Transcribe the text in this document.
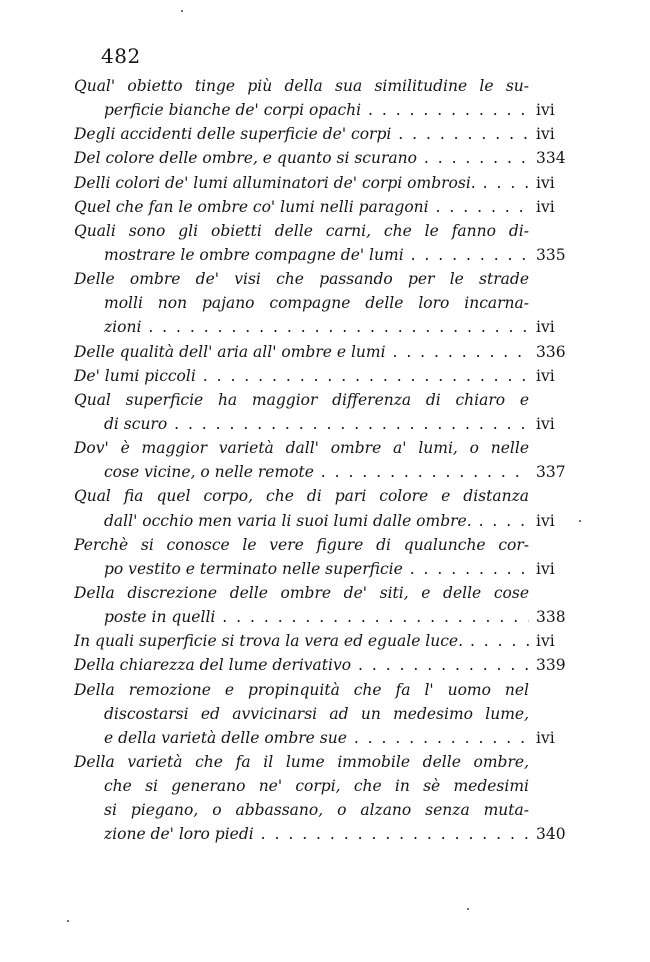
482
Qual' obietto tinge più della sua similitudine le su-
perficie bianche de' corpi opachi . . .	ivi
Degli accidenti delle superficie de' corpi . . .	ivi
Del colore delle ombre, e quanto si scurano . . .	334
Delli colori de' lumi alluminatori de' corpi ombrosi. . . .	ivi
Quel che fan le ombre co' lumi nelli paragoni . . .	ivi
Quali sono gli obietti delle carni, che le fanno di-
mostrare le ombre compagne de' lumi . . .	335
Delle ombre de' visi che passando per le strade
molli non pajano compagne delle loro incarna-
zioni . . .	ivi
Delle qualità dell' aria all' ombre e lumi . . .	336
De' lumi piccoli . . .	ivi
Qual superficie ha maggior differenza di chiaro e
di scuro . . .	ivi
Dov' è maggior varietà dall' ombre a' lumi, o nelle
cose vicine, o nelle remote . . .	337
Qual fia quel corpo, che di pari colore e distanza
dall' occhio men varia li suoi lumi dalle ombre. . . .	ivi
Perchè si conosce le vere figure di qualunche cor-
po vestito e terminato nelle superficie . . .	ivi
Della discrezione delle ombre de' siti, e delle cose
poste in quelli . . .	338
In quali superficie si trova la vera ed eguale luce. . . .	ivi
Della chiarezza del lume derivativo . . .	339
Della remozione e propinquità che fa l' uomo nel
discostarsi ed avvicinarsi ad un medesimo lume,
e della varietà delle ombre sue . . .	ivi
Della varietà che fa il lume immobile delle ombre,
che si generano ne' corpi, che in sè medesimi
si piegano, o abbassano, o alzano senza muta-
zione de' loro piedi . . .	340
